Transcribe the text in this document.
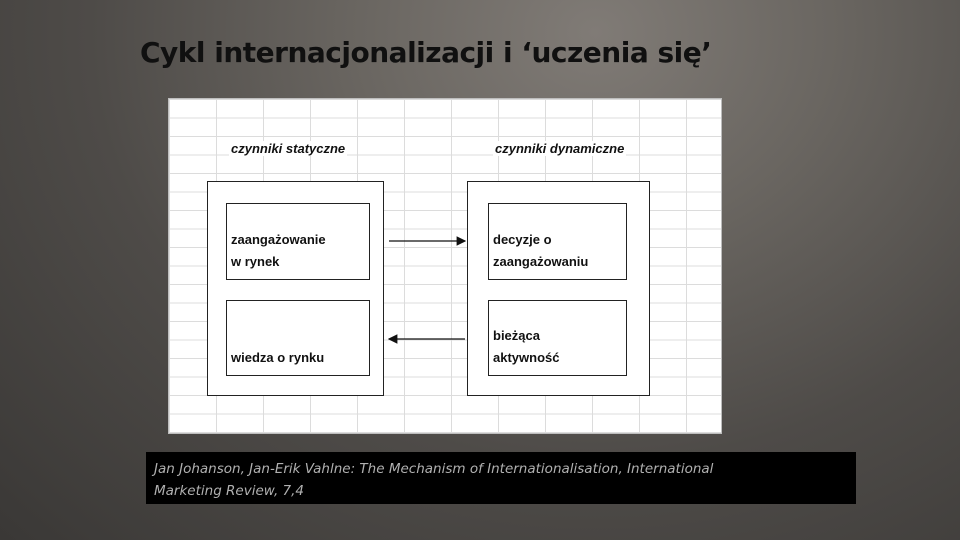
Cykl internacjonalizacji i ‘uczenia się’
czynniki statyczne	czynniki dynamiczne
zaangażowanie
w rynek
wiedza o rynku
decyzje o
zaangażowaniu
bieżąca
aktywność
Jan Johanson, Jan-Erik Vahlne: The Mechanism of Internationalisation, International
Marketing Review, 7,4
